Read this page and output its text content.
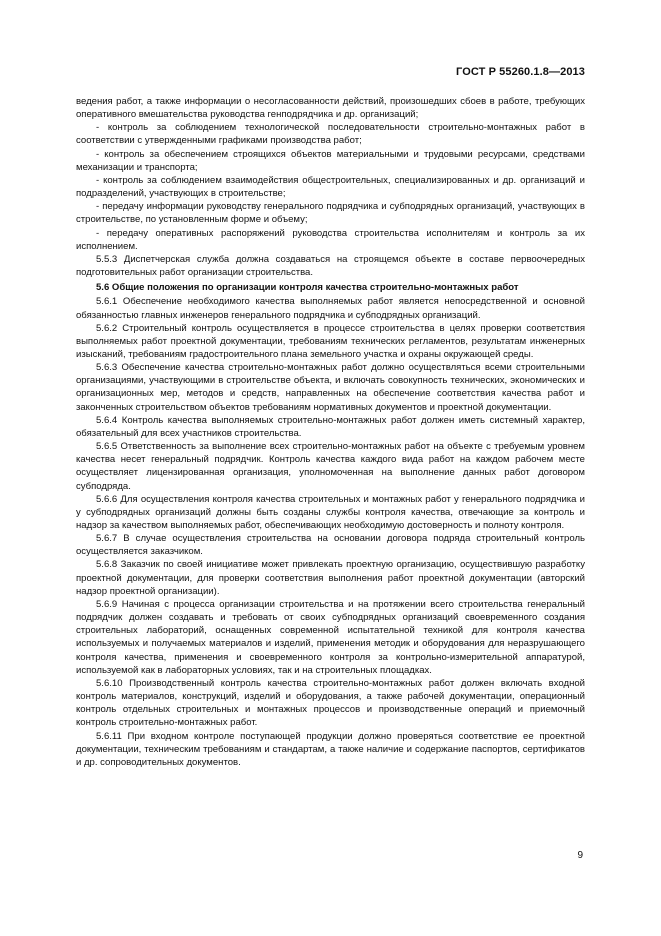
ГОСТ Р 55260.1.8—2013

ведения работ, а также информации о несогласованности действий, произошедших сбоев в работе, требующих оперативного вмешательства руководства генподрядчика и др. организаций;

- контроль за соблюдением технологической последовательности строительно-монтажных работ в соответствии с утвержденными графиками производства работ;

- контроль за обеспечением строящихся объектов материальными и трудовыми ресурсами, средствами механизации и транспорта;

- контроль за соблюдением взаимодействия общестроительных, специализированных и др. организаций и подразделений, участвующих в строительстве;

- передачу информации руководству генерального подрядчика и субподрядных организаций, участвующих в строительстве, по установленным форме и объему;

- передачу оперативных распоряжений руководства строительства исполнителям и контроль за их исполнением.

5.5.3 Диспетчерская служба должна создаваться на строящемся объекте в составе первоочередных подготовительных работ организации строительства.

5.6 Общие положения по организации контроля качества строительно-монтажных работ

5.6.1 Обеспечение необходимого качества выполняемых работ является непосредственной и основной обязанностью главных инженеров генерального подрядчика и субподрядных организаций.

5.6.2 Строительный контроль осуществляется в процессе строительства в целях проверки соответствия выполняемых работ проектной документации, требованиям технических регламентов, результатам инженерных изысканий, требованиям градостроительного плана земельного участка и охраны окружающей среды.

5.6.3 Обеспечение качества строительно-монтажных работ должно осуществляться всеми строительными организациями, участвующими в строительстве объекта, и включать совокупность технических, экономических и организационных мер, методов и средств, направленных на обеспечение соответствия качества работ и законченных строительством объектов требованиям нормативных документов и проектной документации.

5.6.4 Контроль качества выполняемых строительно-монтажных работ должен иметь системный характер, обязательный для всех участников строительства.

5.6.5 Ответственность за выполнение всех строительно-монтажных работ на объекте с требуемым уровнем качества несет генеральный подрядчик. Контроль качества каждого вида работ на каждом рабочем месте осуществляет лицензированная организация, уполномоченная на выполнение данных работ договором субподряда.

5.6.6 Для осуществления контроля качества строительных и монтажных работ у генерального подрядчика и у субподрядных организаций должны быть созданы службы контроля качества, отвечающие за контроль и надзор за качеством выполняемых работ, обеспечивающих необходимую достоверность и полноту контроля.

5.6.7 В случае осуществления строительства на основании договора подряда строительный контроль осуществляется заказчиком.

5.6.8 Заказчик по своей инициативе может привлекать проектную организацию, осуществившую разработку проектной документации, для проверки соответствия выполнения работ проектной документации (авторский надзор проектной организации).

5.6.9 Начиная с процесса организации строительства и на протяжении всего строительства генеральный подрядчик должен создавать и требовать от своих субподрядных организаций своевременного создания строительных лабораторий, оснащенных современной испытательной техникой для контроля качества используемых и получаемых материалов и изделий, применения методик и оборудования для неразрушающего контроля качества, применения и своевременного контроля за контрольно-измерительной аппаратурой, используемой как в лабораторных условиях, так и на строительных площадках.

5.6.10 Производственный контроль качества строительно-монтажных работ должен включать входной контроль материалов, конструкций, изделий и оборудования, а также рабочей документации, операционный контроль отдельных строительных и монтажных процессов и производственные операций и приемочный контроль строительно-монтажных работ.

5.6.11 При входном контроле поступающей продукции должно проверяться соответствие ее проектной документации, техническим требованиям и стандартам, а также наличие и содержание паспортов, сертификатов и др. сопроводительных документов.

9
